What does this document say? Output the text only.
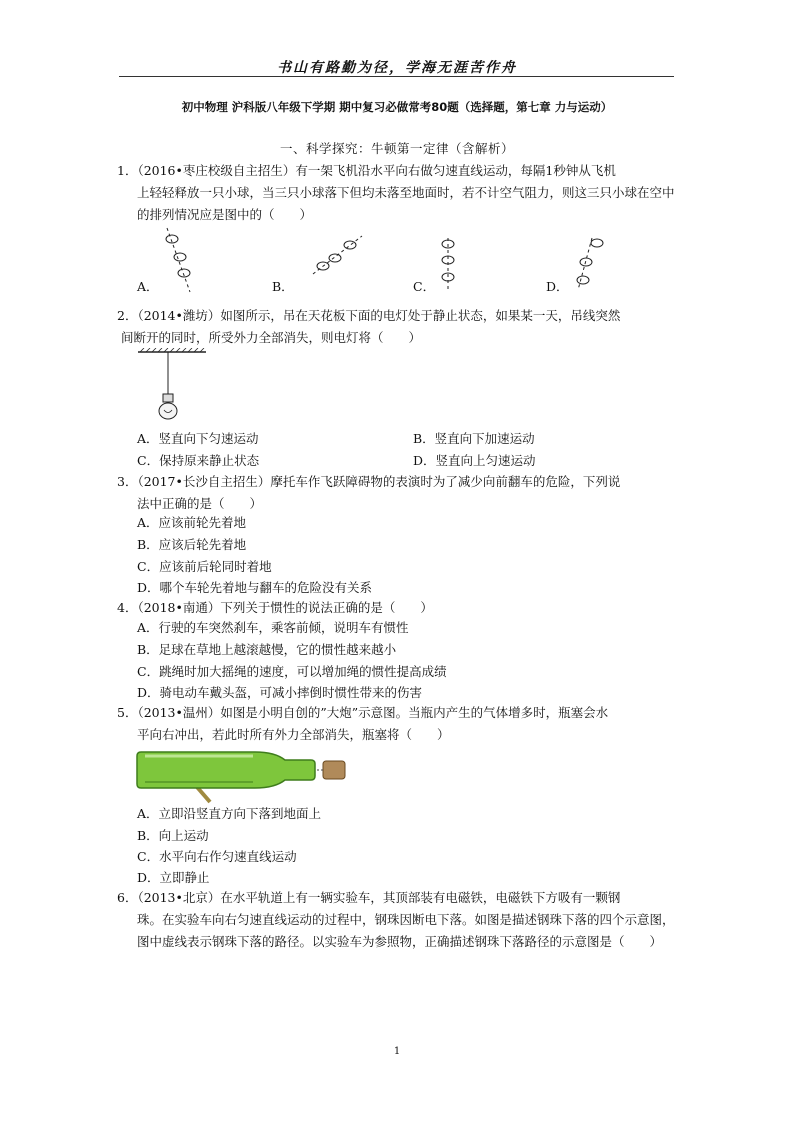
书山有路勤为径，学海无涯苦作舟
初中物理 沪科版八年级下学期 期中复习必做常考80题（选择题，第七章 力与运动）
一、科学探究：牛顿第一定律（含解析）
1．（2016•枣庄校级自主招生）有一架飞机沿水平向右做匀速直线运动，每隔1秒钟从飞机
上轻轻释放一只小球，当三只小球落下但均未落至地面时，若不计空气阻力，则这三只小球在空中的排列情况应是图中的（　　）
A．	B．	C．	D．
2．（2014•潍坊）如图所示，吊在天花板下面的电灯处于静止状态，如果某一天，吊线突然
间断开的同时，所受外力全部消失，则电灯将（　　）
A．竖直向下匀速运动	B．竖直向下加速运动
C．保持原来静止状态	D．竖直向上匀速运动
3．（2017•长沙自主招生）摩托车作飞跃障碍物的表演时为了减少向前翻车的危险，下列说
法中正确的是（　　）
A．应该前轮先着地
B．应该后轮先着地
C．应该前后轮同时着地
D．哪个车轮先着地与翻车的危险没有关系
4．（2018•南通）下列关于惯性的说法正确的是（　　）
A．行驶的车突然刹车，乘客前倾，说明车有惯性
B．足球在草地上越滚越慢，它的惯性越来越小
C．跳绳时加大摇绳的速度，可以增加绳的惯性提高成绩
D．骑电动车戴头盔，可减小摔倒时惯性带来的伤害
5．（2013•温州）如图是小明自创的”大炮”示意图。当瓶内产生的气体增多时，瓶塞会水
平向右冲出，若此时所有外力全部消失，瓶塞将（　　）
A．立即沿竖直方向下落到地面上
B．向上运动
C．水平向右作匀速直线运动
D．立即静止
6．（2013•北京）在水平轨道上有一辆实验车，其顶部装有电磁铁，电磁铁下方吸有一颗钢
珠。在实验车向右匀速直线运动的过程中，钢珠因断电下落。如图是描述钢珠下落的四个示意图，图中虚线表示钢珠下落的路径。以实验车为参照物，正确描述钢珠下落路径的示意图是（　　）
1
